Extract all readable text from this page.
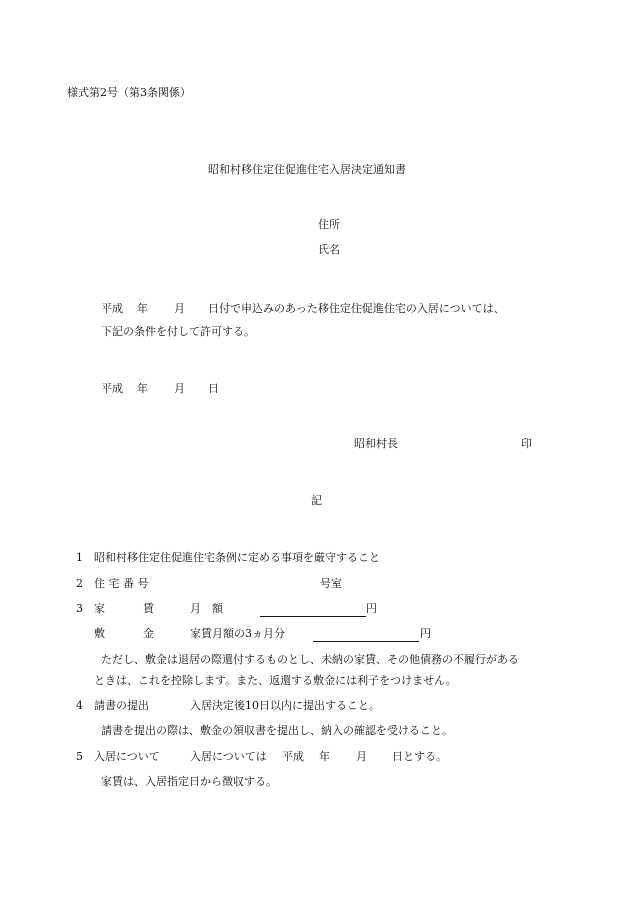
様式第2号（第3条関係）
昭和村移住定住促進住宅入居決定通知書
住所
氏名
平成 年 月 日付で申込みのあった移住定住促進住宅の入居については、
下記の条件を付して許可する。
平成 年 月 日
昭和村長	印
記
1 昭和村移住定住促進住宅条例に定める事項を厳守すること
2 住 宅 番 号	号室
3 家	賃	月　額	円
敷	金	家賃月額の3ヵ月分	円
ただし、敷金は退居の際還付するものとし、未納の家賃、その他債務の不履行がある
ときは、これを控除します。また、返還する敷金には利子をつけません。
4 請書の提出	入居決定後10日以内に提出すること。
請書を提出の際は、敷金の領収書を提出し、納入の確認を受けること。
5 入居について	入居については 平成 年 月 日とする。
家賃は、入居指定日から徴収する。
